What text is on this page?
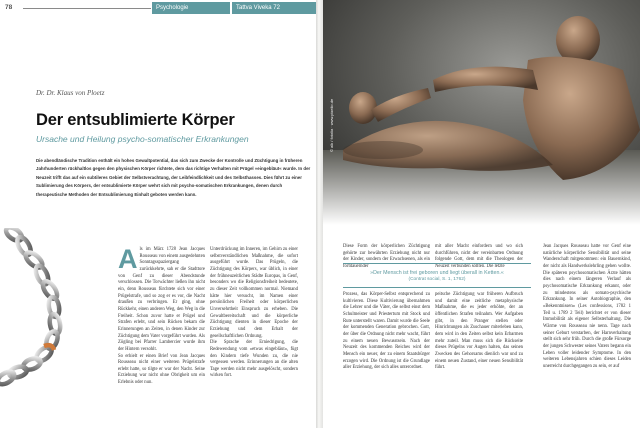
78	Psychologie	Tattva Viveka 72
Dr. Dr. Klaus von Ploetz
Der entsublimierte Körper
Ursache und Heilung psycho-somatischer Erkrankungen

Die abendländische Tradition enthält ein hohes Gewaltpotential, das sich zum Zwecke der Kontrolle und Züchtigung in früheren Jahrhunderten rückhaltlos gegen den physischen Körper richtete, dem das richtige Verhalten mit Prügel »eingebläut« wurde. In der Neuzeit trifft das auf ein subtileres Gebiet der Selbstverachtung, der Leibfeindlichkeit und des Selbsthasses. Dies führt zu einer Sublimierung des Körpers, der entsublimierte Körper wehrt sich mit psycho-somatischen Erkrankungen, denen durch therapeutische Methoden der Entsublimierung Einhalt geboten werden kann.

A ls im März 1728 Jean Jacques Rousseau von einem ausgedehnten Sonntagsspaziergang zurückkehrte, sah er die Stadttore von Genf zu dieser Abendstunde verschlossen. Die Torwächter ließen ihn nicht ein, denn Rousseau fürchtete sich vor einer Prügelstrafe, und so zog er es vor, die Nacht draußen zu verbringen. Er ging, ohne Rückkehr, einen anderen Weg, den Weg in die Freiheit. Schon zuvor hatte er Prügel und Strafen erlebt, und sein Rücken bekam die Erinnerungen an Zeiten, in denen Kinder zur Züchtigung dem Vater vorgeführt wurden. Als Zögling bei Pfarrer Lambercier wurde ihm der Hintern versohlt.

So erhielt er einen Brief von Jean Jacques Rousseau nicht einer weiteren Prügelstrafe erlebt hatte, so tilgte er war der Nacht. Seine Erziehung war nicht ohne Obrigkeit um ein Erlebnis oder nun.

Unterdrückung im Inneren, im Gehirn zu einer selbstverständlichen Maßnahme, die sofort ausgeführt wurde. Das Prügeln, die Züchtigung des Körpers, war üblich, in einer der frühneuzeitlichen Städte Europas, in Genf, besonders wo die Religionsfreiheit bedeutete, zu dieser Zeit vollkommen normal. Niemand hätte hier versucht, im Namen einer persönlichen Freiheit oder körperlichen Unversehrtheit Einspruch zu erheben. Die Gewaltbereitschaft und die körperliche Züchtigung dienten in dieser Epoche der Erziehung und dem Erhalt der gesellschaftlichen Ordnung.

Die Sprache der Erniedrigung, die Redewendung vom »etwas eingebläut«, fügt den Kindern tiefe Wunden zu, die nie vergessen werden. Erinnerungen an die alten Tage werden nicht mehr ausgelöscht, sondern wirken fort.

© alk / fotolia · www.pixelio.de

Diese Form der körperlichen Züchtigung gehörte zur bewährten Erziehung nicht nur der Kinder, sondern der Erwachsenen, als ein fortdauernder

mit aller Macht einfordern und wo sich durchführen, nicht der vereinbarten Ordnung folgende Gott, dem mit die Theologen der Neuzeit verbunden sollten. Die letzte

»Der Mensch ist frei geboren und liegt überall in Ketten.«
(Contrat social, S. 1, 1762)

Prozess, das Körper-Selbst entsprechend zu kultivieren. Diese Kultivierung übernahmen die Lehrer und die Väter, die selbst einst dem Schulmeister und Priestertum mit Stock und Rute unterstellt waren. Damit wurde die Seele der kommenden Generation gebrochen. Gott, der über die Ordnung nicht mehr wacht, führt zu einem neuen Bewusstsein. Nach der Neuzeit des kommenden Reiches wird der Mensch ein neuer, der zu einem Staatsbürger erzogen wird. Die Ordnung ist die Grundlage aller Erziehung, der sich alles unterordnet.

peitsche Züchtigung war früheren Aufbruch und damit eine zeitliche metaphysische Maßnahme, die es jeder erhöhte, der an öffentlichen Strafen teilnahm. Wer Aufgaben gibt, in den Pranger stellen oder Hinrichtungen als Zuschauer miterleben kann, dem wird in den Zeiten selbst kein Erbarmen mehr zuteil. Man muss sich die Rückseite dieses Prügelns vor Augen halten, das seinen Zwecken des Gehorsams dienlich war und zu einem neuen Zustand, einer neuen Sensibilität führt.

Jean Jacques Rousseau hatte vor Genf eine natürliche körperliche Sensibilität und seine Wanderschaft mitgenommen: ein Bauernkind, der nicht als Handwerkslehrling gehen wollte. Die späteren psychosomatischen Ärzte hätten dies nach einem längeren Verlauf als psychosomatische Erkrankung erkannt, oder zu mindestens als somato-psychische Erkrankung. In seiner Autobiographie, den »Bekenntnissen« (Les confessions, 1782 1 Teil u. 1789 2 Teil) berichtet er von dieser Immobilität als eigener Selbsterhaltung. Die Wärme von Rousseau nie nenn. Tage nach seiner Geburt verstarben, der Harnverhaltung stellt sich sehr früh. Durch die große Fürsorge der jungen Schwester seines Vaters begann ein Leben voller leidender Symptome. In den weiteren Lebensjahren schien dieses Leiden unerreicht durchgegangen zu sein, er auf
